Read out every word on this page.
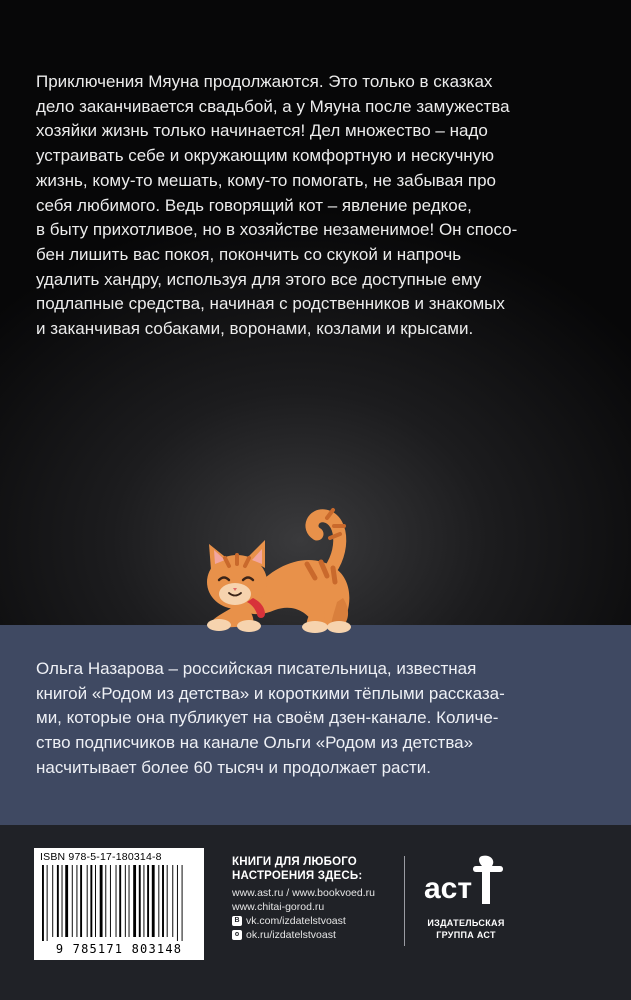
Приключения Мяуна продолжаются. Это только в сказках
дело заканчивается свадьбой, а у Мяуна после замужества
хозяйки жизнь только начинается! Дел множество – надо
устраивать себе и окружающим комфортную и нескучную
жизнь, кому-то мешать, кому-то помогать, не забывая про
себя любимого. Ведь говорящий кот – явление редкое,
в быту прихотливое, но в хозяйстве незаменимое! Он спосо-
бен лишить вас покоя, покончить со скукой и напрочь
удалить хандру, используя для этого все доступные ему
подлапные средства, начиная с родственников и знакомых
и заканчивая собаками, воронами, козлами и крысами.

Ольга Назарова – российская писательница, известная
книгой «Родом из детства» и короткими тёплыми рассказа-
ми, которые она публикует на своём дзен-канале. Количе-
ство подписчиков на канале Ольги «Родом из детства»
насчитывает более 60 тысяч и продолжает расти.

ISBN 978-5-17-180314-8
9 785171 803148

КНИГИ ДЛЯ ЛЮБОГО

НАСТРОЕНИЯ ЗДЕСЬ:

www.ast.ru / www.bookvoed.ru

www.chitai-gorod.ru

В vk.com/izdatelstvoast

о ok.ru/izdatelstvoast

аст
ИЗДАТЕЛЬСКАЯ
ГРУППА АСТ
